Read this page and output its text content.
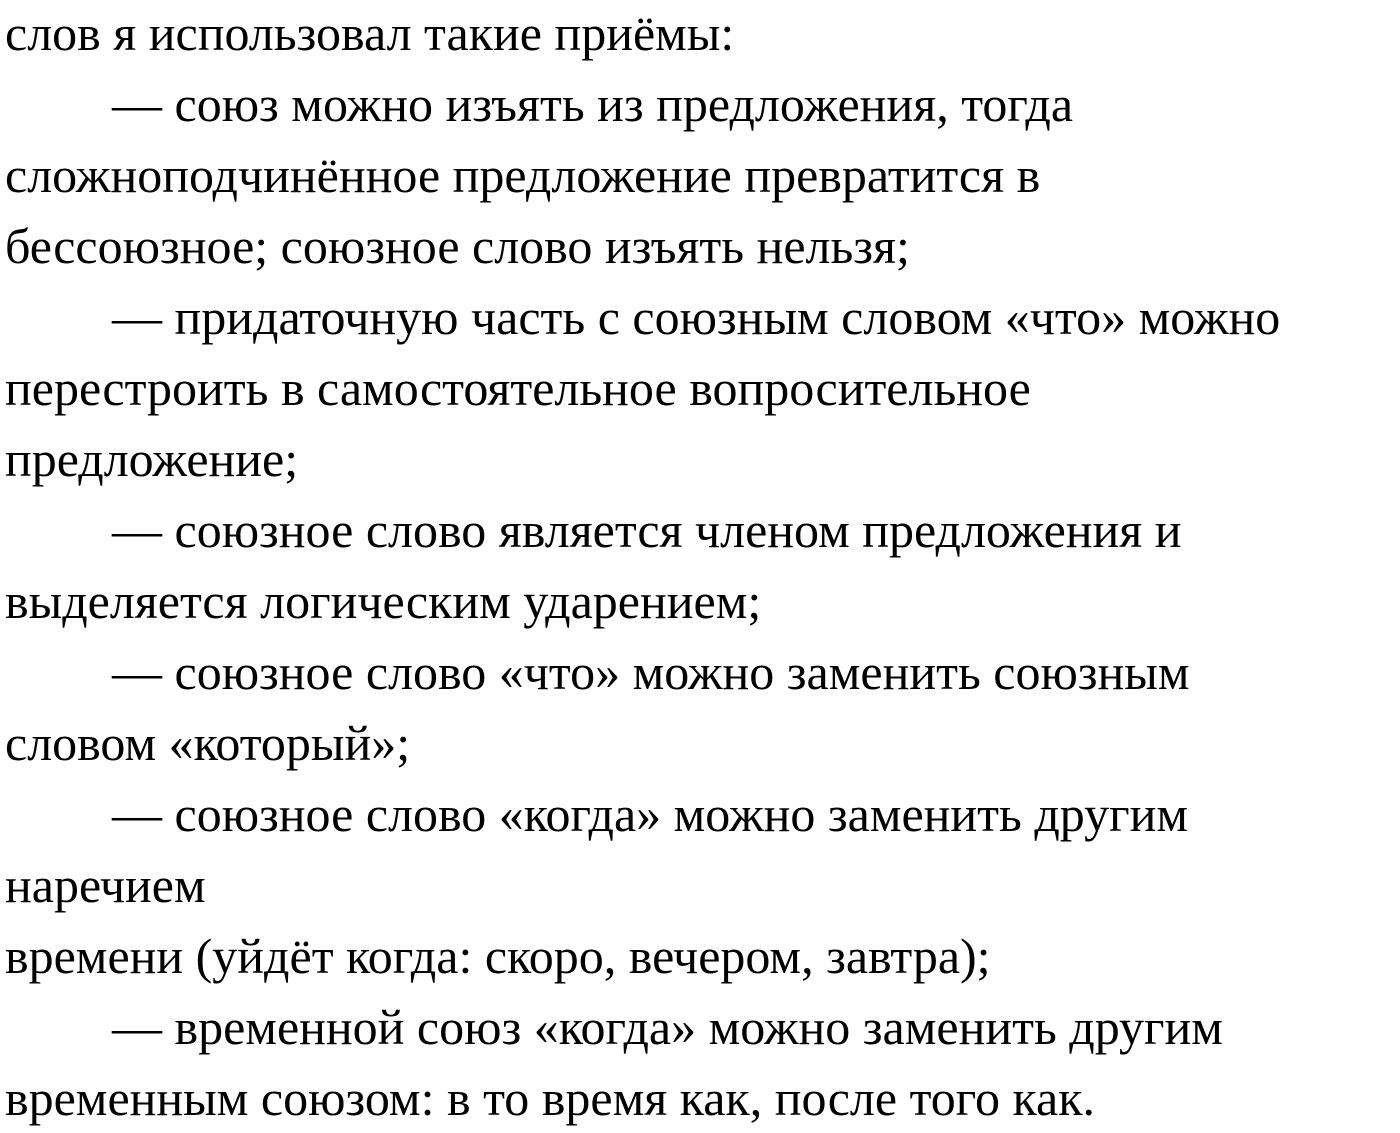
слов я использовал такие приёмы:
— союз можно изъять из предложения, тогда
сложноподчинённое предложение превратится в
бессоюзное; союзное слово изъять нельзя;
— придаточную часть с союзным словом «что» можно
перестроить в самостоятельное вопросительное
предложение;
— союзное слово является членом предложения и
выделяется логическим ударением;
— союзное слово «что» можно заменить союзным
словом «который»;
— союзное слово «когда» можно заменить другим
наречием
времени (уйдёт когда: скоро, вечером, завтра);
— временной союз «когда» можно заменить другим
временным союзом: в то время как, после того как.
